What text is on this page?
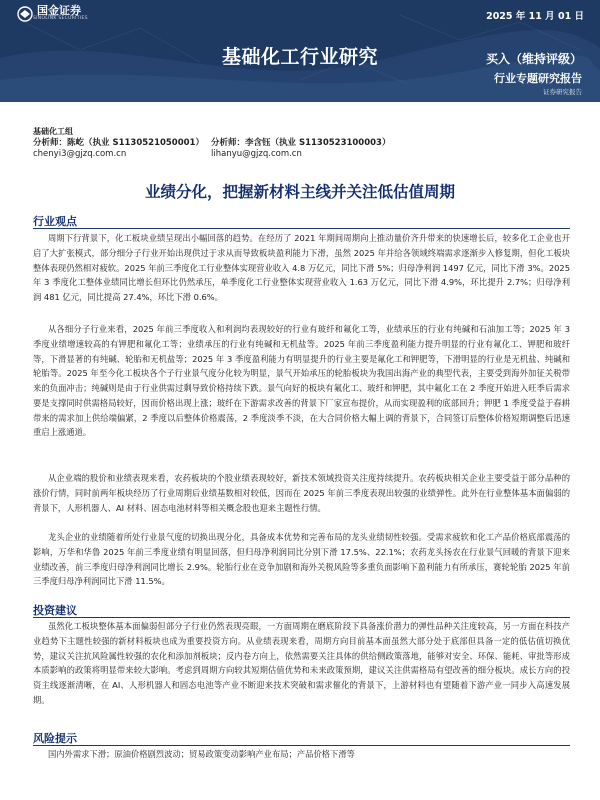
国金证券
SINOLINK SECURITIES	2025 年 11 月 01 日
基础化工行业研究	买入（维持评级）
行业专题研究报告
证券研究报告
基础化工组
分析师：陈屹（执业 S1130521050001） 分析师：李含钰（执业 S1130523100003）
chenyi3@gjzq.com.cn	lihanyu@gjzq.com.cn
业绩分化，把握新材料主线并关注低估值周期
行业观点

周期下行背景下，化工板块业绩呈现出小幅回落的趋势。在经历了 2021 年期间周期向上推动量价齐升带来的快速增长后，较多化工企业也开启了大扩张模式，部分细分子行业开始出现供过于求从而导致板块盈利能力下滑，虽然 2025 年并给各领域终端需求逐渐步入修复期，但化工板块整体表现仍然相对疲软。2025 年前三季度化工行业整体实现营业收入 4.8 万亿元，同比下滑 5%；归母净利润 1497 亿元，同比下滑 3%。2025 年 3 季度化工整体业绩同比增长但环比仍然承压，单季度化工行业整体实现营业收入 1.63 万亿元，同比下滑 4.9%，环比提升 2.7%；归母净利润 481 亿元，同比提高 27.4%，环比下滑 0.6%。

从各细分子行业来看，2025 年前三季度收入和利润均表现较好的行业有玻纤和氟化工等，业绩承压的行业有纯碱和石油加工等；2025 年 3 季度业绩增速较高的有钾肥和氟化工等；业绩承压的行业有纯碱和无机盐等。2025 年前三季度盈利能力提升明显的行业有氟化工、钾肥和玻纤等，下滑显著的有纯碱、轮胎和无机盐等；2025 年 3 季度盈利能力有明显提升的行业主要是氟化工和钾肥等，下滑明显的行业是无机盐、纯碱和轮胎等。2025 年至今化工板块各个子行业景气度分化较为明显，景气开始承压的轮胎板块为我国出海产业的典型代表，主要受到海外加征关税带来的负面冲击；纯碱则是由于行业供需过剩导致价格持续下跌。景气向好的板块有氟化工、玻纤和钾肥，其中氟化工在 2 季度开始进入旺季后需求要是支撑同时供需格局较好，因而价格出现上涨；玻纤在下游需求改善的背景下厂家宣布提价，从而实现盈利的底部回升；钾肥 1 季度受益于春耕带来的需求加上供给端偏紧，2 季度以后整体价格震荡，2 季度淡季不淡，在大合同价格大幅上调的背景下，合同签订后整体价格短期调整后迅速重启上涨通道。

从企业端的股价和业绩表现来看，农药板块的个股业绩表现较好，新技术领域投资关注度持续提升。农药板块相关企业主要受益于部分品种的涨价行情，同时前两年板块经历了行业周期后业绩基数相对较低，因而在 2025 年前三季度表现出较强的业绩弹性。此外在行业整体基本面偏弱的背景下，人形机器人、AI 材料、固态电池材料等相关概念股也迎来主题性行情。

龙头企业的业绩随着所处行业景气度的切换出现分化，具备成本优势和完善布局的龙头业绩韧性较强。受需求疲软和化工产品价格底部震荡的影响，万华和华鲁 2025 年前三季度业绩有明显回落，但归母净利润同比分别下滑 17.5%、22.1%；农药龙头扬农在行业景气回暖的背景下迎来业绩改善，前三季度归母净利润同比增长 2.9%。轮胎行业在竞争加剧和海外关税风险等多重负面影响下盈利能力有所承压，赛轮轮胎 2025 年前三季度归母净利润同比下滑 11.5%。

投资建议

虽然化工板块整体基本面偏弱但部分子行业仍然表现亮眼，一方面周期在磨底阶段下具备涨价潜力的弹性品种关注度较高，另一方面在科技产业趋势下主题性较强的新材料板块也成为重要投资方向。从业绩表现来看，周期方向目前基本面虽然大部分处于底部但具备一定的低估值切换优势，建议关注抗风险属性较强的农化和添加剂板块；反内卷方向上，依然需要关注具体的供给侧政策落地，能够对安全、环保、能耗、审批等形成本质影响的政策将明显带来较大影响。考虑到周期方向较其短期估值优势和未来政策预期，建议关注供需格局有望改善的细分板块。成长方向的投资主线逐渐清晰，在 AI、人形机器人和固态电池等产业不断迎来技术突破和需求催化的背景下，上游材料也有望随着下游产业一同步入高速发展期。

风险提示

国内外需求下滑；原油价格剧烈波动；贸易政策变动影响产业布局；产品价格下滑等
